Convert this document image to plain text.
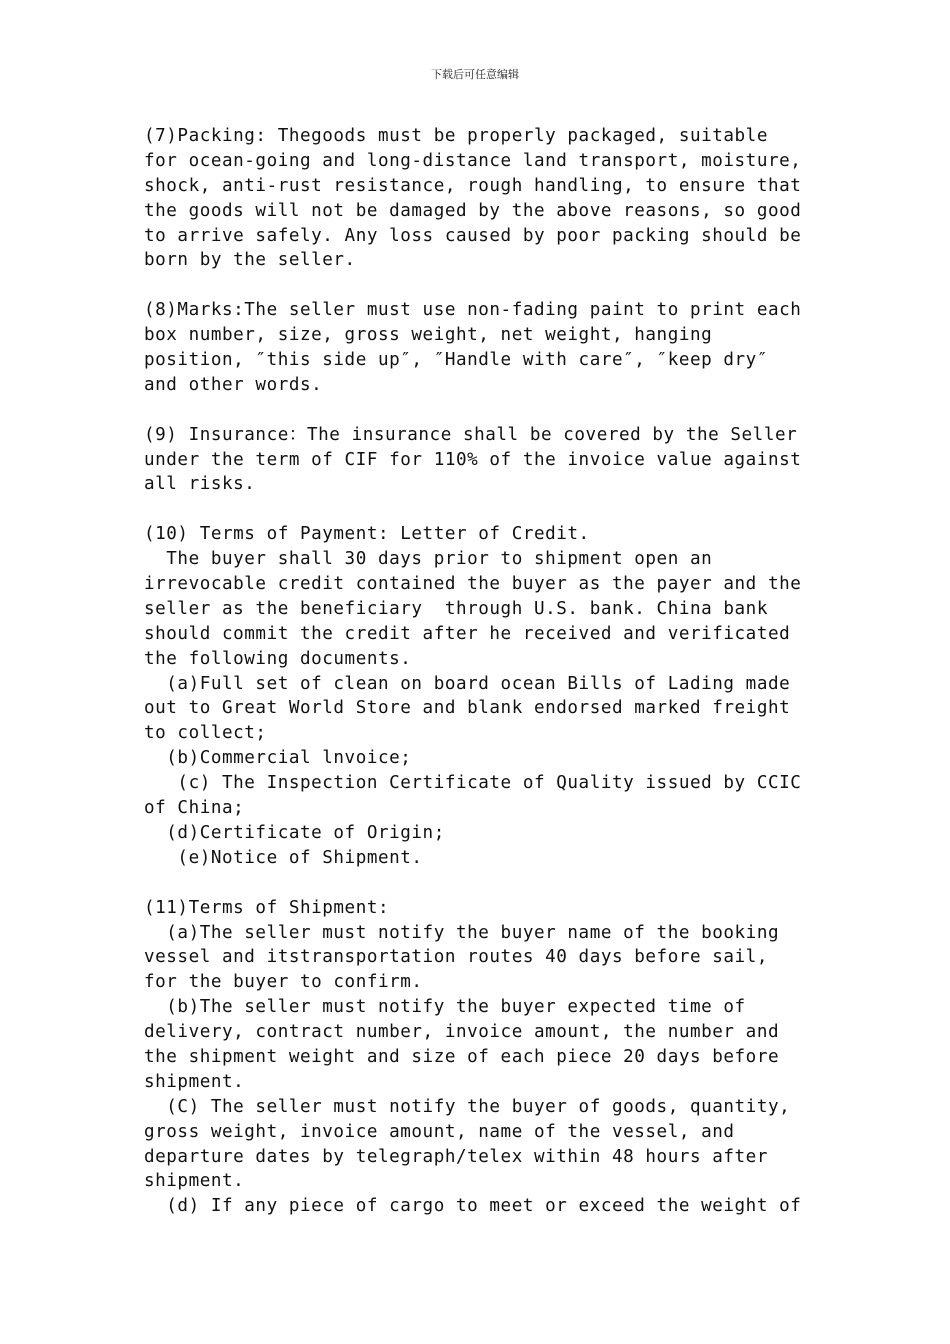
下载后可任意编辑
(7)Packing: Thegoods must be properly packaged, suitable
for ocean-going and long-distance land transport, moisture,
shock, anti-rust resistance, rough handling, to ensure that
the goods will not be damaged by the above reasons, so good
to arrive safely. Any loss caused by poor packing should be
born by the seller.
(8)Marks:The seller must use non-fading paint to print each
box number, size, gross weight, net weight, hanging
position, ″this side up″, ″Handle with care″, ″keep dry″
and other words.
(9) Insurance：The insurance shall be covered by the Seller
under the term of CIF for 110% of the invoice value against
all risks.
(10) Terms of Payment: Letter of Credit.
The buyer shall 30 days prior to shipment open an
irrevocable credit contained the buyer as the payer and the
seller as the beneficiary  through U.S. bank. China bank
should commit the credit after he received and verificated
the following documents.
(a)Full set of clean on board ocean Bills of Lading made
out to Great World Store and blank endorsed marked freight
to collect;
(b)Commercial lnvoice;
(c) The Inspection Certificate of Quality issued by CCIC
of China;
(d)Certificate of Origin;
(e)Notice of Shipment.
(11)Terms of Shipment:
(a)The seller must notify the buyer name of the booking
vessel and itstransportation routes 40 days before sail,
for the buyer to confirm.
(b)The seller must notify the buyer expected time of
delivery, contract number, invoice amount, the number and
the shipment weight and size of each piece 20 days before
shipment.
(C) The seller must notify the buyer of goods, quantity,
gross weight, invoice amount, name of the vessel, and
departure dates by telegraph/telex within 48 hours after
shipment.
(d) If any piece of cargo to meet or exceed the weight of
